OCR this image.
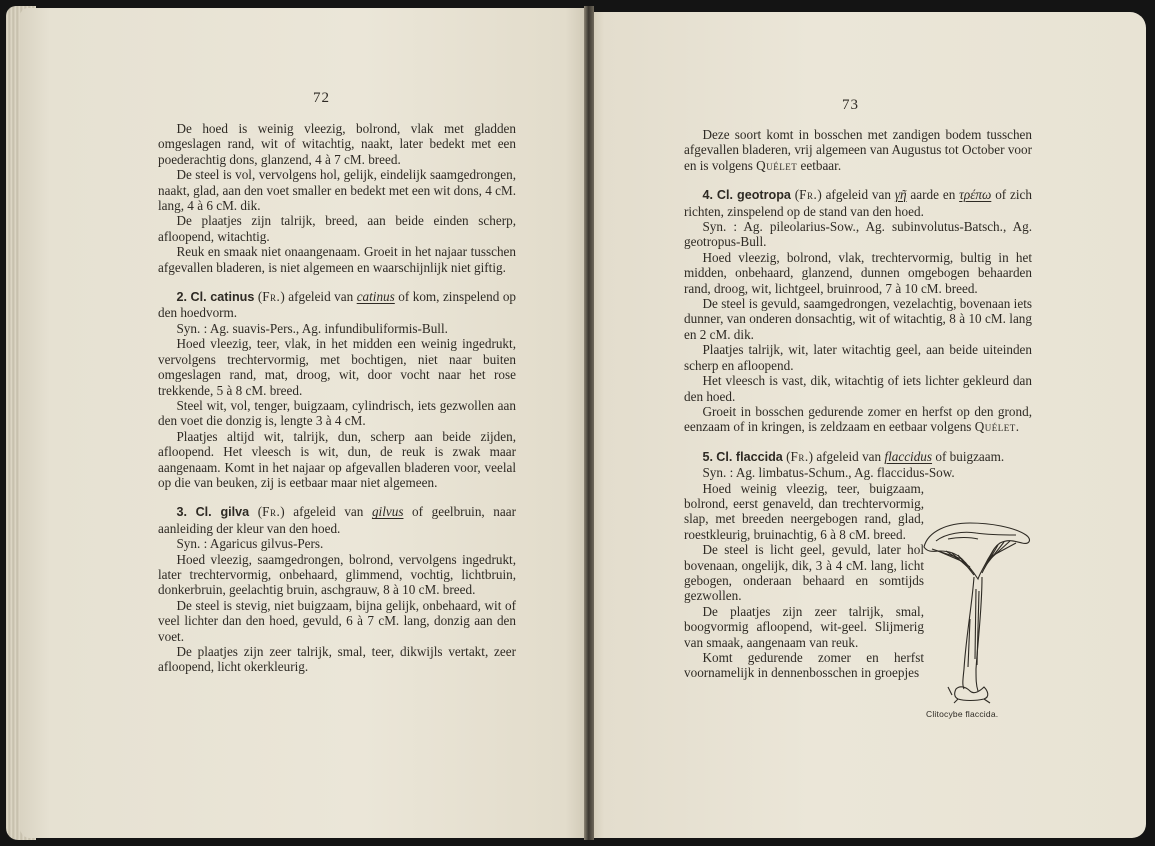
72

De hoed is weinig vleezig, bolrond, vlak met gladden omgeslagen rand, wit of witachtig, naakt, later bedekt met een poederachtig dons, glanzend, 4 à 7 cM. breed.

De steel is vol, vervolgens hol, gelijk, eindelijk saamgedrongen, naakt, glad, aan den voet smaller en bedekt met een wit dons, 4 cM. lang, 4 à 6 cM. dik.

De plaatjes zijn talrijk, breed, aan beide einden scherp, afloopend, witachtig.

Reuk en smaak niet onaangenaam. Groeit in het najaar tusschen afgevallen bladeren, is niet algemeen en waarschijnlijk niet giftig.

2. Cl. catinus (Fr.) afgeleid van catinus of kom, zinspelend op den hoedvorm.

Syn. : Ag. suavis-Pers., Ag. infundibuliformis-Bull.

Hoed vleezig, teer, vlak, in het midden een weinig ingedrukt, vervolgens trechtervormig, met bochtigen, niet naar buiten omgeslagen rand, mat, droog, wit, door vocht naar het rose trekkende, 5 à 8 cM. breed.

Steel wit, vol, tenger, buigzaam, cylindrisch, iets gezwollen aan den voet die donzig is, lengte 3 à 4 cM.

Plaatjes altijd wit, talrijk, dun, scherp aan beide zijden, afloopend. Het vleesch is wit, dun, de reuk is zwak maar aangenaam. Komt in het najaar op afgevallen bladeren voor, veelal op die van beuken, zij is eetbaar maar niet algemeen.

3. Cl. gilva (Fr.) afgeleid van gilvus of geelbruin, naar aanleiding der kleur van den hoed.

Syn. : Agaricus gilvus-Pers.

Hoed vleezig, saamgedrongen, bolrond, vervolgens ingedrukt, later trechtervormig, onbehaard, glimmend, vochtig, lichtbruin, donkerbruin, geelachtig bruin, aschgrauw, 8 à 10 cM. breed.

De steel is stevig, niet buigzaam, bijna gelijk, onbehaard, wit of veel lichter dan den hoed, gevuld, 6 à 7 cM. lang, donzig aan den voet.

De plaatjes zijn zeer talrijk, smal, teer, dikwijls vertakt, zeer afloopend, licht okerkleurig.

73

Deze soort komt in bosschen met zandigen bodem tusschen afgevallen bladeren, vrij algemeen van Augustus tot October voor en is volgens Quélet eetbaar.

4. Cl. geotropa (Fr.) afgeleid van γῆ aarde en τρέπω of zich richten, zinspelend op de stand van den hoed.

Syn. : Ag. pileolarius-Sow., Ag. subinvolutus-Batsch., Ag. geotropus-Bull.

Hoed vleezig, bolrond, vlak, trechtervormig, bultig in het midden, onbehaard, glanzend, dunnen omgebogen behaarden rand, droog, wit, lichtgeel, bruinrood, 7 à 10 cM. breed.

De steel is gevuld, saamgedrongen, vezelachtig, bovenaan iets dunner, van onderen donsachtig, wit of witachtig, 8 à 10 cM. lang en 2 cM. dik.

Plaatjes talrijk, wit, later witachtig geel, aan beide uiteinden scherp en afloopend.

Het vleesch is vast, dik, witachtig of iets lichter gekleurd dan den hoed.

Groeit in bosschen gedurende zomer en herfst op den grond, eenzaam of in kringen, is zeldzaam en eetbaar volgens Quélet.

5. Cl. flaccida (Fr.) afgeleid van flaccidus of buigzaam.

Syn. : Ag. limbatus-Schum., Ag. flaccidus-Sow.

Hoed weinig vleezig, teer, buigzaam, bolrond, eerst genaveld, dan trechtervormig, slap, met breeden neergebogen rand, glad, roestkleurig, bruinachtig, 6 à 8 cM. breed.

De steel is licht geel, gevuld, later hol bovenaan, ongelijk, dik, 3 à 4 cM. lang, licht gebogen, onderaan behaard en somtijds gezwollen.

De plaatjes zijn zeer talrijk, smal, boogvormig afloopend, wit-geel. Slijmerig van smaak, aangenaam van reuk.

Komt gedurende zomer en herfst voornamelijk in dennenbosschen in groepjes

Clitocybe flaccida.
